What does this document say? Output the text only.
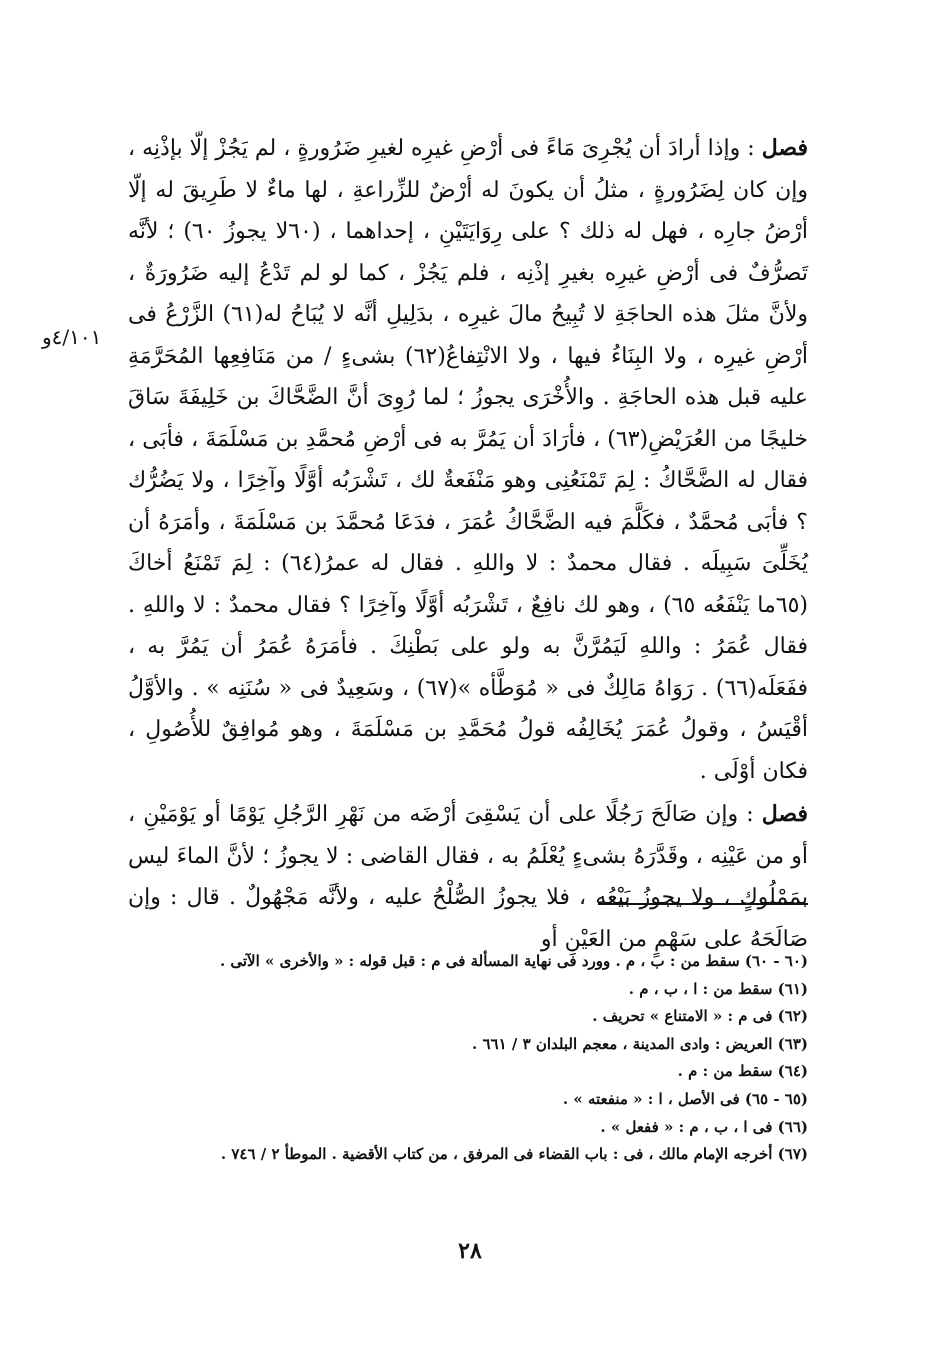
٤/١٠١و

فصل : وإذا أرادَ أن يُجْرِىَ مَاءً فى أرْضِ غيرِه لغيرِ ضَرُورةٍ ، لم يَجُزْ إلّا بإذْنِه ، وإن كان لِضَرُورةٍ ، مثلُ أن يكونَ له أرْضٌ للزِّراعةِ ، لها ماءٌ لا طَرِيقَ له إلّا أرْضُ جارِه ، فهل له ذلك ؟ على رِوَايَتَيْنِ ، إحداهما ، (٦٠لا يجوزُ ٦٠) ؛ لأنَّه تَصرُّفٌ فى أرْضِ غيرِه بغيرِ إذْنِه ، فلم يَجُزْ ، كما لو لم تَدْعُ إليه ضَرُورَةٌ ، ولأنَّ مثلَ هذه الحاجَةِ لا تُبِيحُ مالَ غيرِه ، بدَلِيلِ أنَّه لا يُبَاحُ له(٦١) الزَّرْعُ فى أرْضِ غيرِه ، ولا البِنَاءُ فيها ، ولا الانْتِفاعُ(٦٢) بشىءٍ / من مَنَافِعِها المُحَرَّمَةِ عليه قبل هذه الحاجَةِ . والأُخْرَى يجوزُ ؛ لما رُوِىَ أنَّ الضَّحَّاكَ بن خَلِيفَةَ سَاقَ خليجًا من العُرَيْضِ(٦٣) ، فأرَادَ أن يَمُرَّ به فى أرْضِ مُحمَّدِ بن مَسْلَمَةَ ، فأبَى ، فقال له الضَّحَّاكُ : لِمَ تَمْنَعُنِى وهو مَنْفَعةٌ لك ، تَشْرَبُه أوَّلًا وآخِرًا ، ولا يَضُرُّك ؟ فأبَى مُحمَّدٌ ، فكَلَّمَ فيه الضَّحَّاكُ عُمَرَ ، فدَعَا مُحمَّدَ بن مَسْلَمَةَ ، وأمَرَهُ أن يُخَلِّىَ سَبِيلَه . فقال محمدٌ : لا واللهِ . فقال له عمرُ(٦٤) : لِمَ تَمْنَعُ أخاكَ (٦٥ما يَنْفَعُه ٦٥) ، وهو لك نافِعٌ ، تَشْرَبُه أوَّلًا وآخِرًا ؟ فقال محمدٌ : لا واللهِ . فقال عُمَرُ : واللهِ لَيَمُرَّنَّ به ولو على بَطْنِكَ . فأمَرَهُ عُمَرُ أن يَمُرَّ به ، ففَعَلَه(٦٦) . رَوَاهُ مَالِكٌ فى « مُوَطَّأه »(٦٧) ، وسَعِيدٌ فى « سُنَنِه » . والأوَّلُ أقْيَسُ ، وقولُ عُمَرَ يُخَالِفُه قولُ مُحَمَّدِ بن مَسْلَمَةَ ، وهو مُوافِقٌ للأُصُولِ ، فكان أوْلَى .

فصل : وإن صَالَحَ رَجُلًا على أن يَسْقِىَ أرْضَه من نَهْرِ الرَّجُلِ يَوْمًا أو يَوْمَيْنِ ، أو من عَيْنِه ، وقَدَّرَهُ بشىءٍ يُعْلَمُ به ، فقال القاضى : لا يجوزُ ؛ لأنَّ الماءَ ليس بمَمْلُوكٍ ، ولا يجوزُ بَيْعُه ، فلا يجوزُ الصُّلْحُ عليه ، ولأنَّه مَجْهُولٌ . قال : وإن صَالَحَهُ على سَهْمٍ من العَيْنِ أو

(٦٠ - ٦٠) سقط من : ب ، م . وورد فى نهاية المسألة فى م : قبل قوله : « والأخرى » الآتى .
(٦١) سقط من : ا ، ب ، م .
(٦٢) فى م : « الامتناع » تحريف .
(٦٣) العريض : وادى المدينة ، معجم البلدان ٣ / ٦٦١ .
(٦٤) سقط من : م .
(٦٥ - ٦٥) فى الأصل ، ا : « منفعته » .
(٦٦) فى ا ، ب ، م : « ففعل » .
(٦٧) أخرجه الإمام مالك ، فى : باب القضاء فى المرفق ، من كتاب الأقضية . الموطأ ٢ / ٧٤٦ .
٢٨
